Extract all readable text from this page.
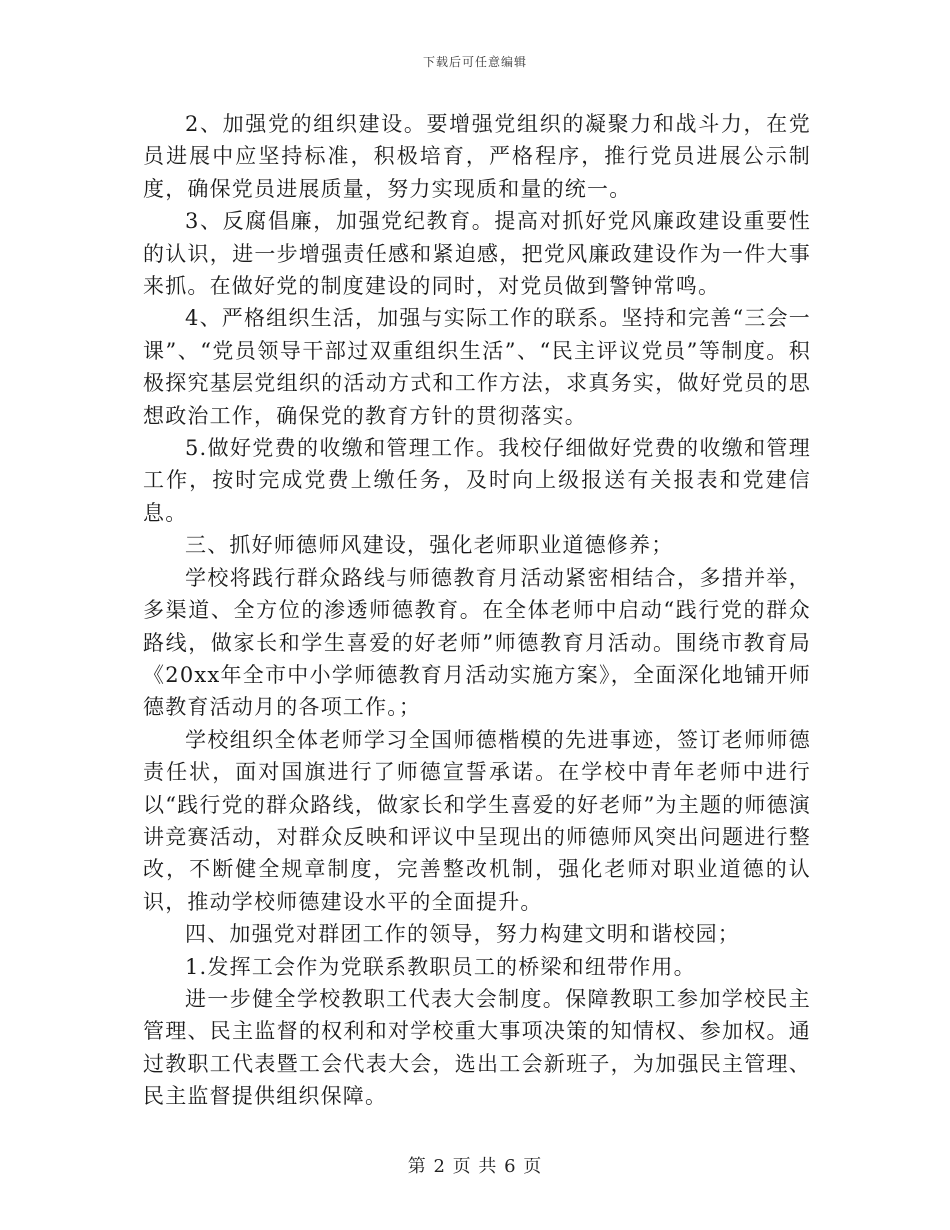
下载后可任意编辑

2、加强党的组织建设。要增强党组织的凝聚力和战斗力，在党员进展中应坚持标准，积极培育，严格程序，推行党员进展公示制度，确保党员进展质量，努力实现质和量的统一。

3、反腐倡廉，加强党纪教育。提高对抓好党风廉政建设重要性的认识，进一步增强责任感和紧迫感，把党风廉政建设作为一件大事来抓。在做好党的制度建设的同时，对党员做到警钟常鸣。

4、严格组织生活，加强与实际工作的联系。坚持和完善“三会一课”、“党员领导干部过双重组织生活”、“民主评议党员”等制度。积极探究基层党组织的活动方式和工作方法，求真务实，做好党员的思想政治工作，确保党的教育方针的贯彻落实。

5.做好党费的收缴和管理工作。我校仔细做好党费的收缴和管理工作，按时完成党费上缴任务，及时向上级报送有关报表和党建信息。

三、抓好师德师风建设，强化老师职业道德修养；

学校将践行群众路线与师德教育月活动紧密相结合，多措并举，多渠道、全方位的渗透师德教育。在全体老师中启动“践行党的群众路线，做家长和学生喜爱的好老师”师德教育月活动。围绕市教育局《20xx年全市中小学师德教育月活动实施方案》，全面深化地铺开师德教育活动月的各项工作。；

学校组织全体老师学习全国师德楷模的先进事迹，签订老师师德责任状，面对国旗进行了师德宣誓承诺。在学校中青年老师中进行以“践行党的群众路线，做家长和学生喜爱的好老师”为主题的师德演讲竞赛活动，对群众反映和评议中呈现出的师德师风突出问题进行整改，不断健全规章制度，完善整改机制，强化老师对职业道德的认识，推动学校师德建设水平的全面提升。

四、加强党对群团工作的领导，努力构建文明和谐校园；

1.发挥工会作为党联系教职员工的桥梁和纽带作用。

进一步健全学校教职工代表大会制度。保障教职工参加学校民主管理、民主监督的权利和对学校重大事项决策的知情权、参加权。通过教职工代表暨工会代表大会，选出工会新班子，为加强民主管理、民主监督提供组织保障。

第 2 页 共 6 页
